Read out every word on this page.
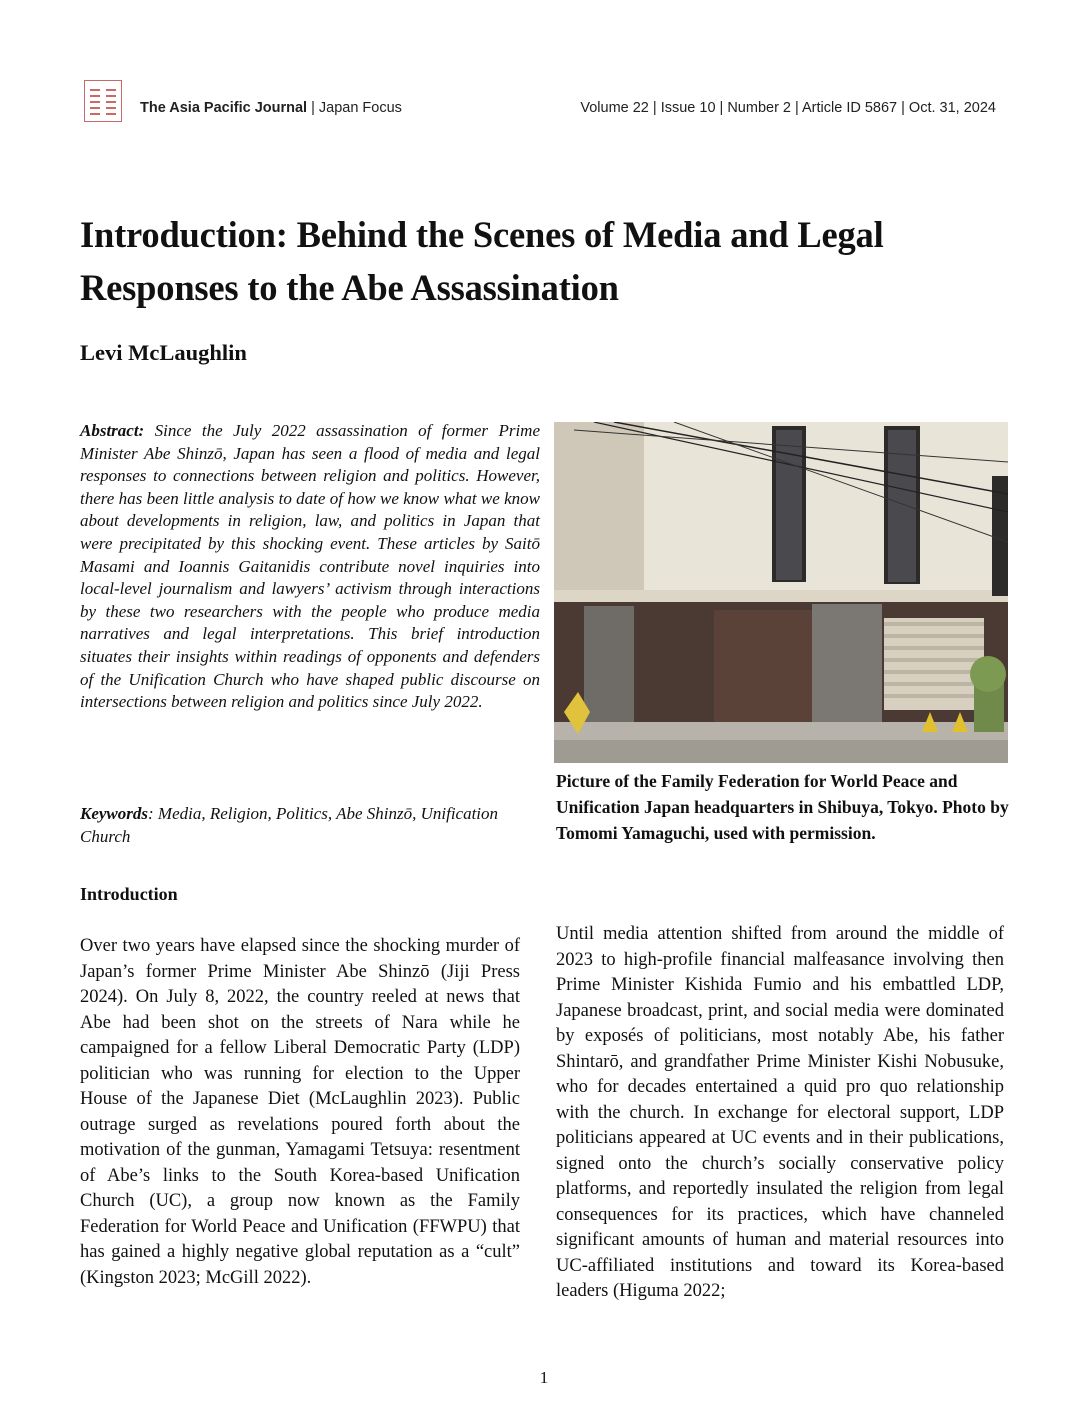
The Asia Pacific Journal | Japan Focus	Volume 22 | Issue 10 | Number 2 | Article ID 5867 | Oct. 31, 2024
Introduction: Behind the Scenes of Media and Legal Responses to the Abe Assassination
Levi McLaughlin

Abstract: Since the July 2022 assassination of former Prime Minister Abe Shinzō, Japan has seen a flood of media and legal responses to connections between religion and politics. However, there has been little analysis to date of how we know what we know about developments in religion, law, and politics in Japan that were precipitated by this shocking event. These articles by Saitō Masami and Ioannis Gaitanidis contribute novel inquiries into local-level journalism and lawyers’ activism through interactions by these two researchers with the people who produce media narratives and legal interpretations. This brief introduction situates their insights within readings of opponents and defenders of the Unification Church who have shaped public discourse on intersections between religion and politics since July 2022.

Keywords: Media, Religion, Politics, Abe Shinzō, Unification Church

Picture of the Family Federation for World Peace and Unification Japan headquarters in Shibuya, Tokyo. Photo by Tomomi Yamaguchi, used with permission.

Introduction

Over two years have elapsed since the shocking murder of Japan’s former Prime Minister Abe Shinzō (Jiji Press 2024). On July 8, 2022, the country reeled at news that Abe had been shot on the streets of Nara while he campaigned for a fellow Liberal Democratic Party (LDP) politician who was running for election to the Upper House of the Japanese Diet (McLaughlin 2023). Public outrage surged as revelations poured forth about the motivation of the gunman, Yamagami Tetsuya: resentment of Abe’s links to the South Korea-based Unification Church (UC), a group now known as the Family Federation for World Peace and Unification (FFWPU) that has gained a highly negative global reputation as a “cult” (Kingston 2023; McGill 2022).

Until media attention shifted from around the middle of 2023 to high-profile financial malfeasance involving then Prime Minister Kishida Fumio and his embattled LDP, Japanese broadcast, print, and social media were dominated by exposés of politicians, most notably Abe, his father Shintarō, and grandfather Prime Minister Kishi Nobusuke, who for decades entertained a quid pro quo relationship with the church. In exchange for electoral support, LDP politicians appeared at UC events and in their publications, signed onto the church’s socially conservative policy platforms, and reportedly insulated the religion from legal consequences for its practices, which have channeled significant amounts of human and material resources into UC-affiliated institutions and toward its Korea-based leaders (Higuma 2022;

1
